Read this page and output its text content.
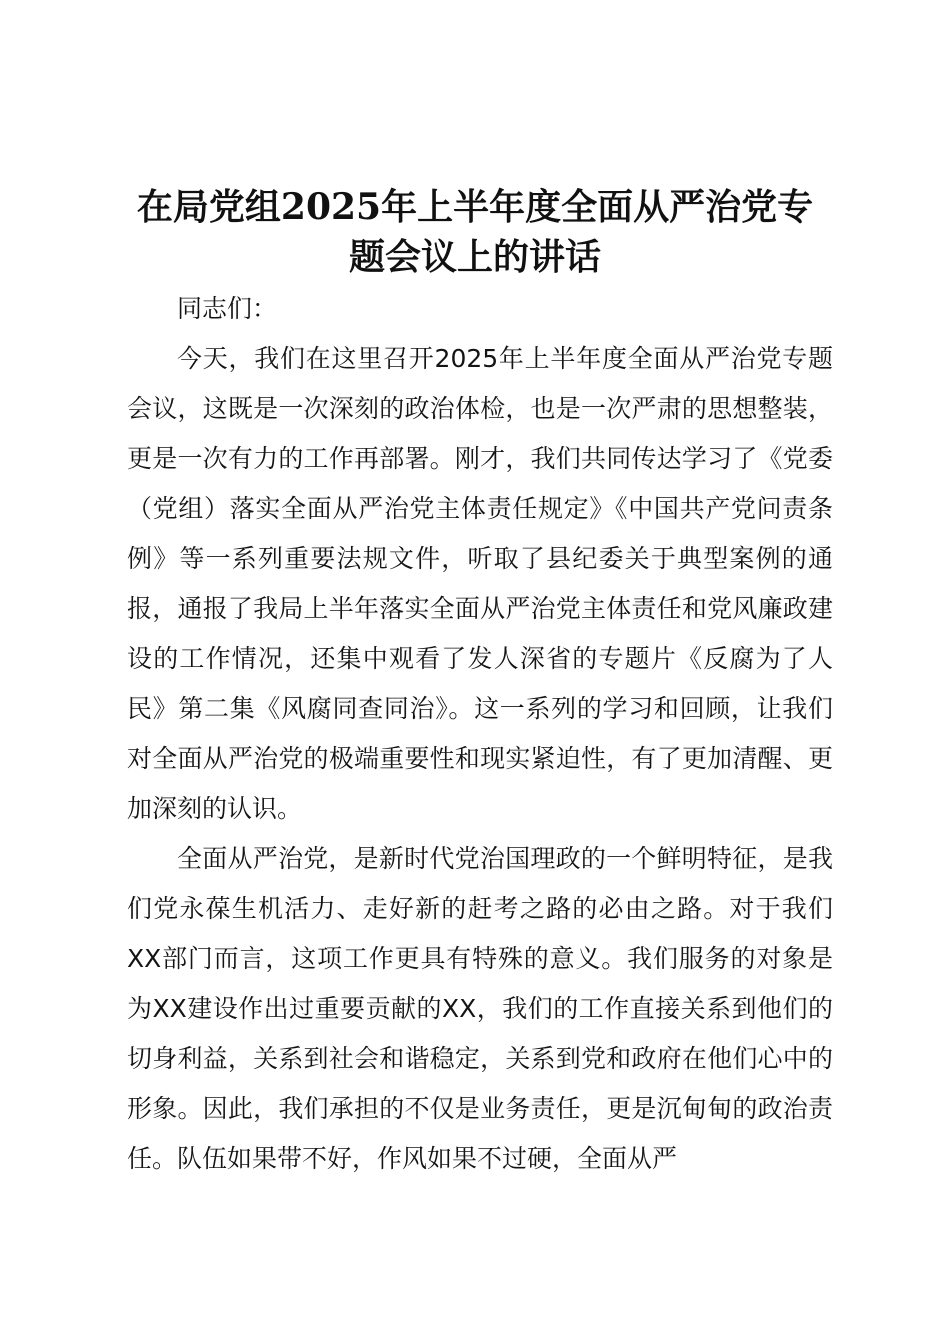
在局党组2025年上半年度全面从严治党专题会议上的讲话

同志们：

今天，我们在这里召开2025年上半年度全面从严治党专题会议，这既是一次深刻的政治体检，也是一次严肃的思想整装，更是一次有力的工作再部署。刚才，我们共同传达学习了《党委（党组）落实全面从严治党主体责任规定》《中国共产党问责条例》等一系列重要法规文件，听取了县纪委关于典型案例的通报，通报了我局上半年落实全面从严治党主体责任和党风廉政建设的工作情况，还集中观看了发人深省的专题片《反腐为了人民》第二集《风腐同查同治》。这一系列的学习和回顾，让我们对全面从严治党的极端重要性和现实紧迫性，有了更加清醒、更加深刻的认识。

全面从严治党，是新时代党治国理政的一个鲜明特征，是我们党永葆生机活力、走好新的赶考之路的必由之路。对于我们XX部门而言，这项工作更具有特殊的意义。我们服务的对象是为XX建设作出过重要贡献的XX，我们的工作直接关系到他们的切身利益，关系到社会和谐稳定，关系到党和政府在他们心中的形象。因此，我们承担的不仅是业务责任，更是沉甸甸的政治责任。队伍如果带不好，作风如果不过硬，全面从严
